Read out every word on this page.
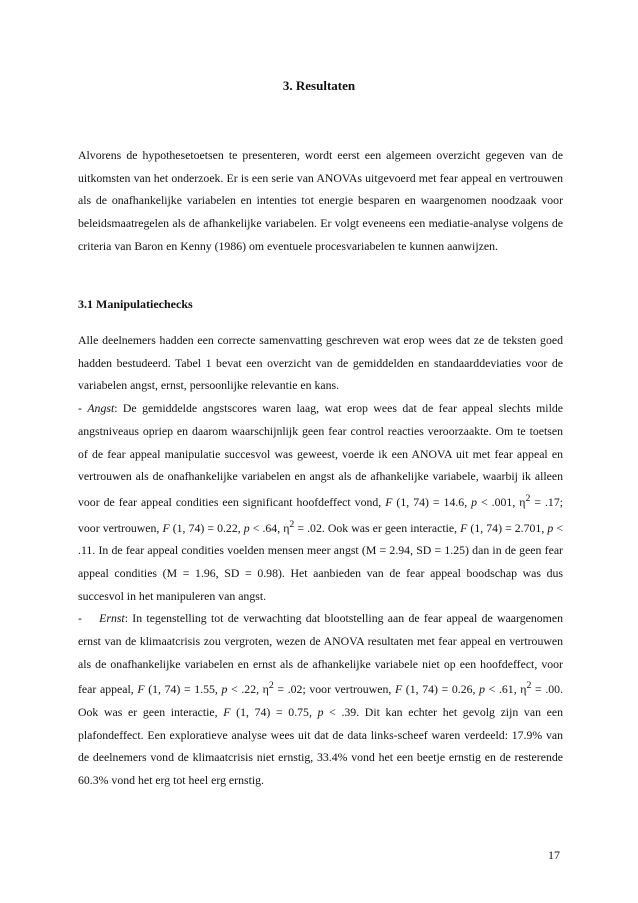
3. Resultaten

Alvorens de hypothesetoetsen te presenteren, wordt eerst een algemeen overzicht gegeven van de uitkomsten van het onderzoek. Er is een serie van ANOVAs uitgevoerd met fear appeal en vertrouwen als de onafhankelijke variabelen en intenties tot energie besparen en waargenomen noodzaak voor beleidsmaatregelen als de afhankelijke variabelen. Er volgt eveneens een mediatie-analyse volgens de criteria van Baron en Kenny (1986) om eventuele procesvariabelen te kunnen aanwijzen.

3.1 Manipulatiechecks

Alle deelnemers hadden een correcte samenvatting geschreven wat erop wees dat ze de teksten goed hadden bestudeerd. Tabel 1 bevat een overzicht van de gemiddelden en standaarddeviaties voor de variabelen angst, ernst, persoonlijke relevantie en kans.

- Angst: De gemiddelde angstscores waren laag, wat erop wees dat de fear appeal slechts milde angstniveaus opriep en daarom waarschijnlijk geen fear control reacties veroorzaakte. Om te toetsen of de fear appeal manipulatie succesvol was geweest, voerde ik een ANOVA uit met fear appeal en vertrouwen als de onafhankelijke variabelen en angst als de afhankelijke variabele, waarbij ik alleen voor de fear appeal condities een significant hoofdeffect vond, F (1, 74) = 14.6, p < .001, $\eta^2 = .17$; voor vertrouwen, F (1, 74) = 0.22, p < .64, $\eta^2 = .02$. Ook was er geen interactie, F (1, 74) = 2.701, p < .11. In de fear appeal condities voelden mensen meer angst (M = 2.94, SD = 1.25) dan in de geen fear appeal condities (M = 1.96, SD = 0.98). Het aanbieden van de fear appeal boodschap was dus succesvol in het manipuleren van angst.

-    Ernst: In tegenstelling tot de verwachting dat blootstelling aan de fear appeal de waargenomen ernst van de klimaatcrisis zou vergroten, wezen de ANOVA resultaten met fear appeal en vertrouwen als de onafhankelijke variabelen en ernst als de afhankelijke variabele niet op een hoofdeffect, voor fear appeal, F (1, 74) = 1.55, p < .22, $\eta^2 = .02$; voor vertrouwen, F (1, 74) = 0.26, p < .61, $\eta^2 = .00$. Ook was er geen interactie, F (1, 74) = 0.75, p < .39. Dit kan echter het gevolg zijn van een plafondeffect. Een exploratieve analyse wees uit dat de data links-scheef waren verdeeld: 17.9% van de deelnemers vond de klimaatcrisis niet ernstig, 33.4% vond het een beetje ernstig en de resterende 60.3% vond het erg tot heel erg ernstig.

17
